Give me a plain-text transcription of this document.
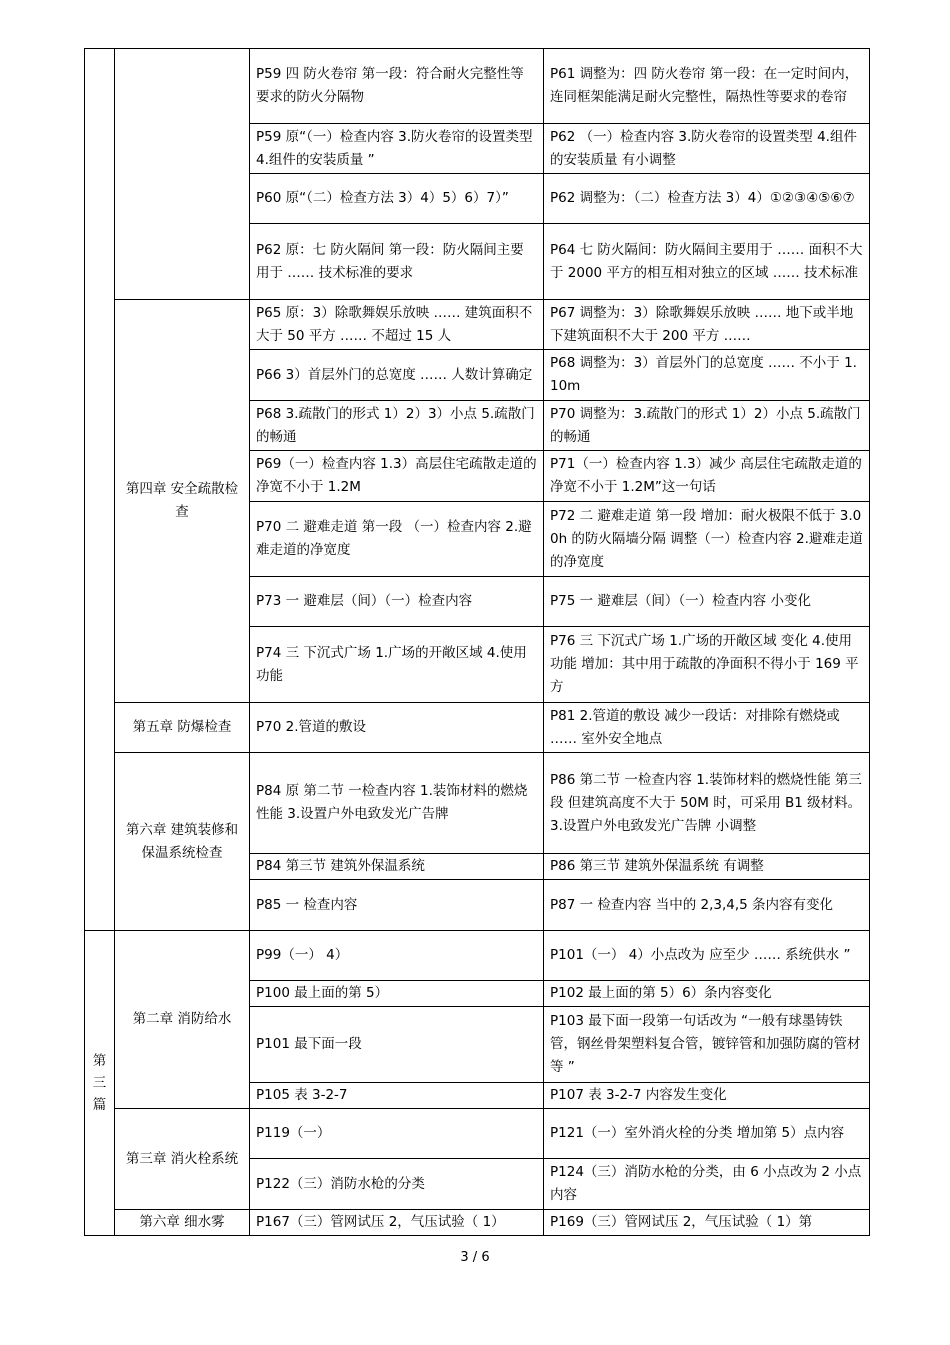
		P59 四 防火卷帘 第一段：符合耐火完整性等要求的防火分隔物	P61 调整为：四 防火卷帘 第一段：在一定时间内，连同框架能满足耐火完整性，隔热性等要求的卷帘
		P59 原“（一）检查内容 3.防火卷帘的设置类型 4.组件的安装质量 ”	P62 （一）检查内容 3.防火卷帘的设置类型 4.组件的安装质量 有小调整
		P60 原“（二）检查方法 3）4）5）6）7）”	P62 调整为：（二）检查方法 3）4）①②③④⑤⑥⑦
		P62 原：七 防火隔间 第一段：防火隔间主要用于 …… 技术标准的要求	P64 七 防火隔间：防火隔间主要用于 …… 面积不大于 2000 平方的相互相对独立的区域 …… 技术标准
	第四章 安全疏散检查	P65 原：3）除歌舞娱乐放映 …… 建筑面积不大于 50 平方 …… 不超过 15 人	P67 调整为：3）除歌舞娱乐放映 …… 地下或半地下建筑面积不大于 200 平方 ……
		P66 3）首层外门的总宽度 …… 人数计算确定	P68 调整为：3）首层外门的总宽度 …… 不小于 1.10m
		P68 3.疏散门的形式 1）2）3）小点 5.疏散门的畅通	P70 调整为：3.疏散门的形式 1）2）小点 5.疏散门的畅通
		P69（一）检查内容 1.3）高层住宅疏散走道的净宽不小于 1.2M	P71（一）检查内容 1.3）减少 高层住宅疏散走道的净宽不小于 1.2M”这一句话
		P70 二 避难走道 第一段 （一）检查内容 2.避难走道的净宽度	P72 二 避难走道 第一段 增加：耐火极限不低于 3.00h 的防火隔墙分隔 调整（一）检查内容 2.避难走道的净宽度
		P73 一 避难层（间）（一）检查内容	P75 一 避难层（间）（一）检查内容 小变化
		P74 三 下沉式广场 1.广场的开敞区域 4.使用功能	P76 三 下沉式广场 1.广场的开敞区域 变化 4.使用功能 增加：其中用于疏散的净面积不得小于 169 平方
	第五章 防爆检查	P70 2.管道的敷设	P81 2.管道的敷设 减少一段话：对排除有燃烧或 …… 室外安全地点
	第六章 建筑装修和保温系统检查	P84 原 第二节 一检查内容 1.装饰材料的燃烧性能 3.设置户外电致发光广告牌	P86 第二节 一检查内容 1.装饰材料的燃烧性能 第三段 但建筑高度不大于 50M 时，可采用 B1 级材料。3.设置户外电致发光广告牌 小调整
		P84 第三节 建筑外保温系统	P86 第三节 建筑外保温系统 有调整
		P85 一 检查内容	P87 一 检查内容 当中的 2,3,4,5 条内容有变化
第三篇	第二章 消防给水	P99（一） 4）	P101（一） 4）小点改为 应至少 …… 系统供水 ”
		P100 最上面的第 5）	P102 最上面的第 5）6）条内容变化
		P101 最下面一段	P103 最下面一段第一句话改为 “一般有球墨铸铁管，钢丝骨架塑料复合管，镀锌管和加强防腐的管材等 ”
		P105 表 3-2-7	P107 表 3-2-7 内容发生变化
	第三章 消火栓系统	P119（一）	P121（一）室外消火栓的分类 增加第 5）点内容
		P122（三）消防水枪的分类	P124（三）消防水枪的分类，由 6 小点改为 2 小点内容
	第六章 细水雾	P167（三）管网试压 2，气压试验（ 1）	P169（三）管网试压 2，气压试验（ 1）第
3 / 6
